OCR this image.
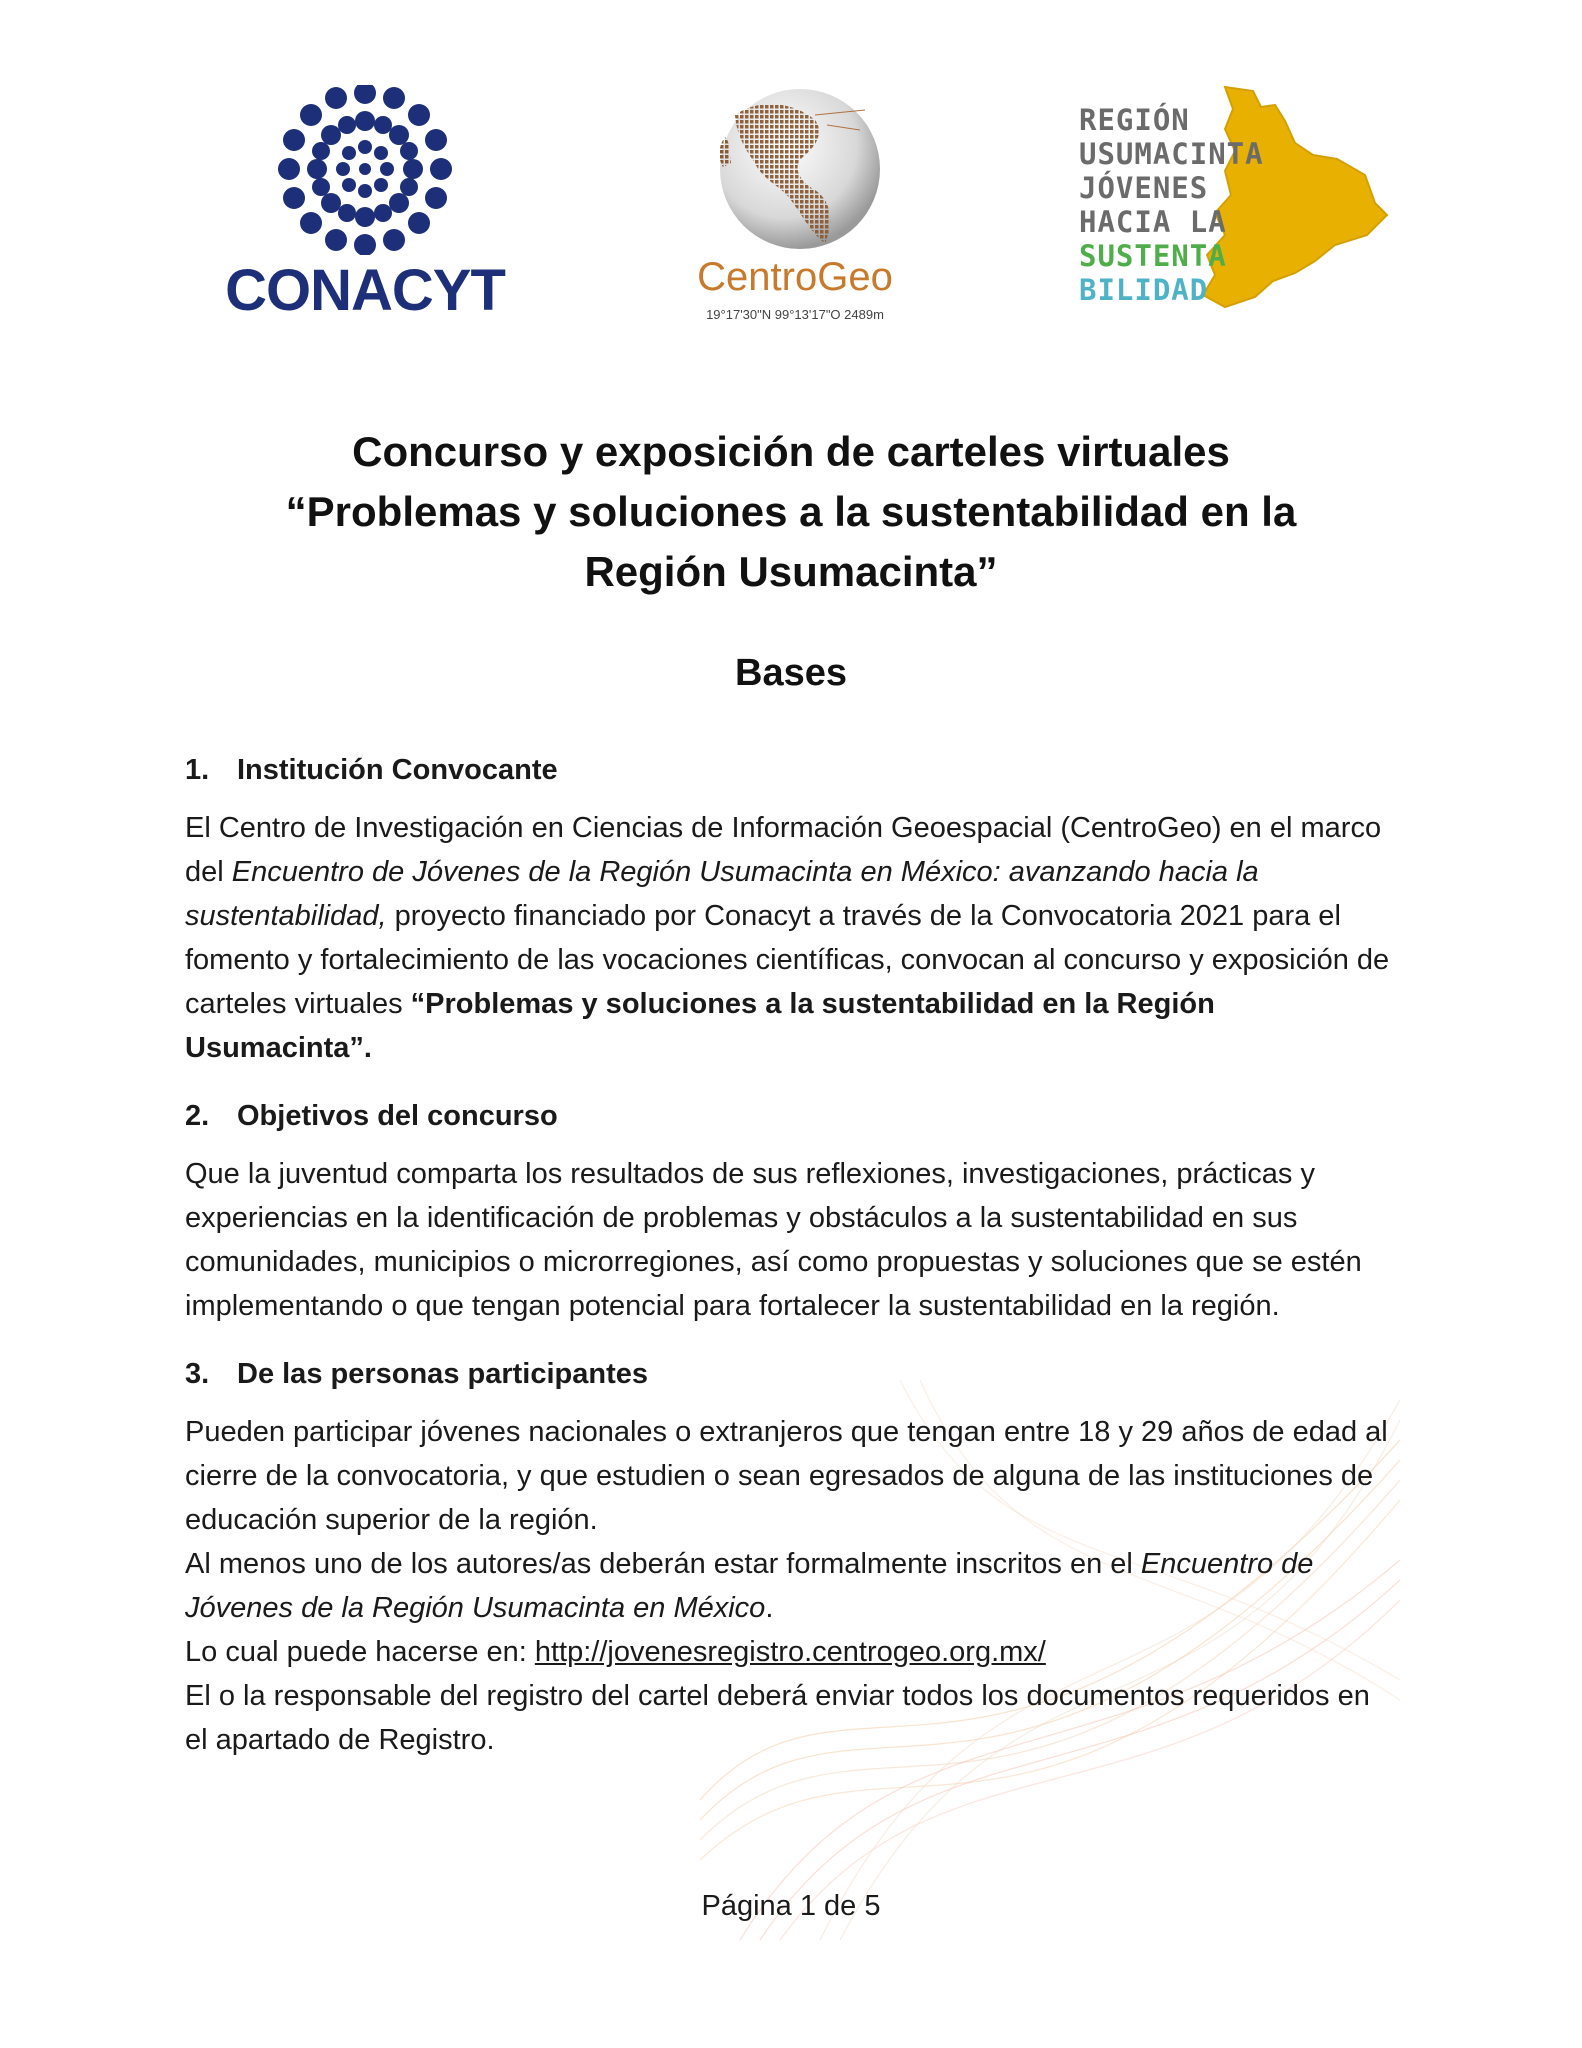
CONACYT	CentroGeo
19°17'30"N 99°13'17"O 2489m
REGIÓN
USUMACINTA
JÓVENES
HACIA LA
SUSTENTA
BILIDAD
Concurso y exposición de carteles virtuales
“Problemas y soluciones a la sustentabilidad en la
Región Usumacinta”
Bases
1. Institución Convocante

El Centro de Investigación en Ciencias de Información Geoespacial (CentroGeo) en el marco del Encuentro de Jóvenes de la Región Usumacinta en México: avanzando hacia la sustentabilidad, proyecto financiado por Conacyt a través de la Convocatoria 2021 para el fomento y fortalecimiento de las vocaciones científicas, convocan al concurso y exposición de carteles virtuales “Problemas y soluciones a la sustentabilidad en la Región Usumacinta”.

2. Objetivos del concurso

Que la juventud comparta los resultados de sus reflexiones, investigaciones, prácticas y experiencias en la identificación de problemas y obstáculos a la sustentabilidad en sus comunidades, municipios o microrregiones, así como propuestas y soluciones que se estén implementando o que tengan potencial para fortalecer la sustentabilidad en la región.

3. De las personas participantes

Pueden participar jóvenes nacionales o extranjeros que tengan entre 18 y 29 años de edad al cierre de la convocatoria, y que estudien o sean egresados de alguna de las instituciones de educación superior de la región.

Al menos uno de los autores/as deberán estar formalmente inscritos en el Encuentro de Jóvenes de la Región Usumacinta en México.

Lo cual puede hacerse en: http://jovenesregistro.centrogeo.org.mx/

El o la responsable del registro del cartel deberá enviar todos los documentos requeridos en el apartado de Registro.

Página 1 de 5
